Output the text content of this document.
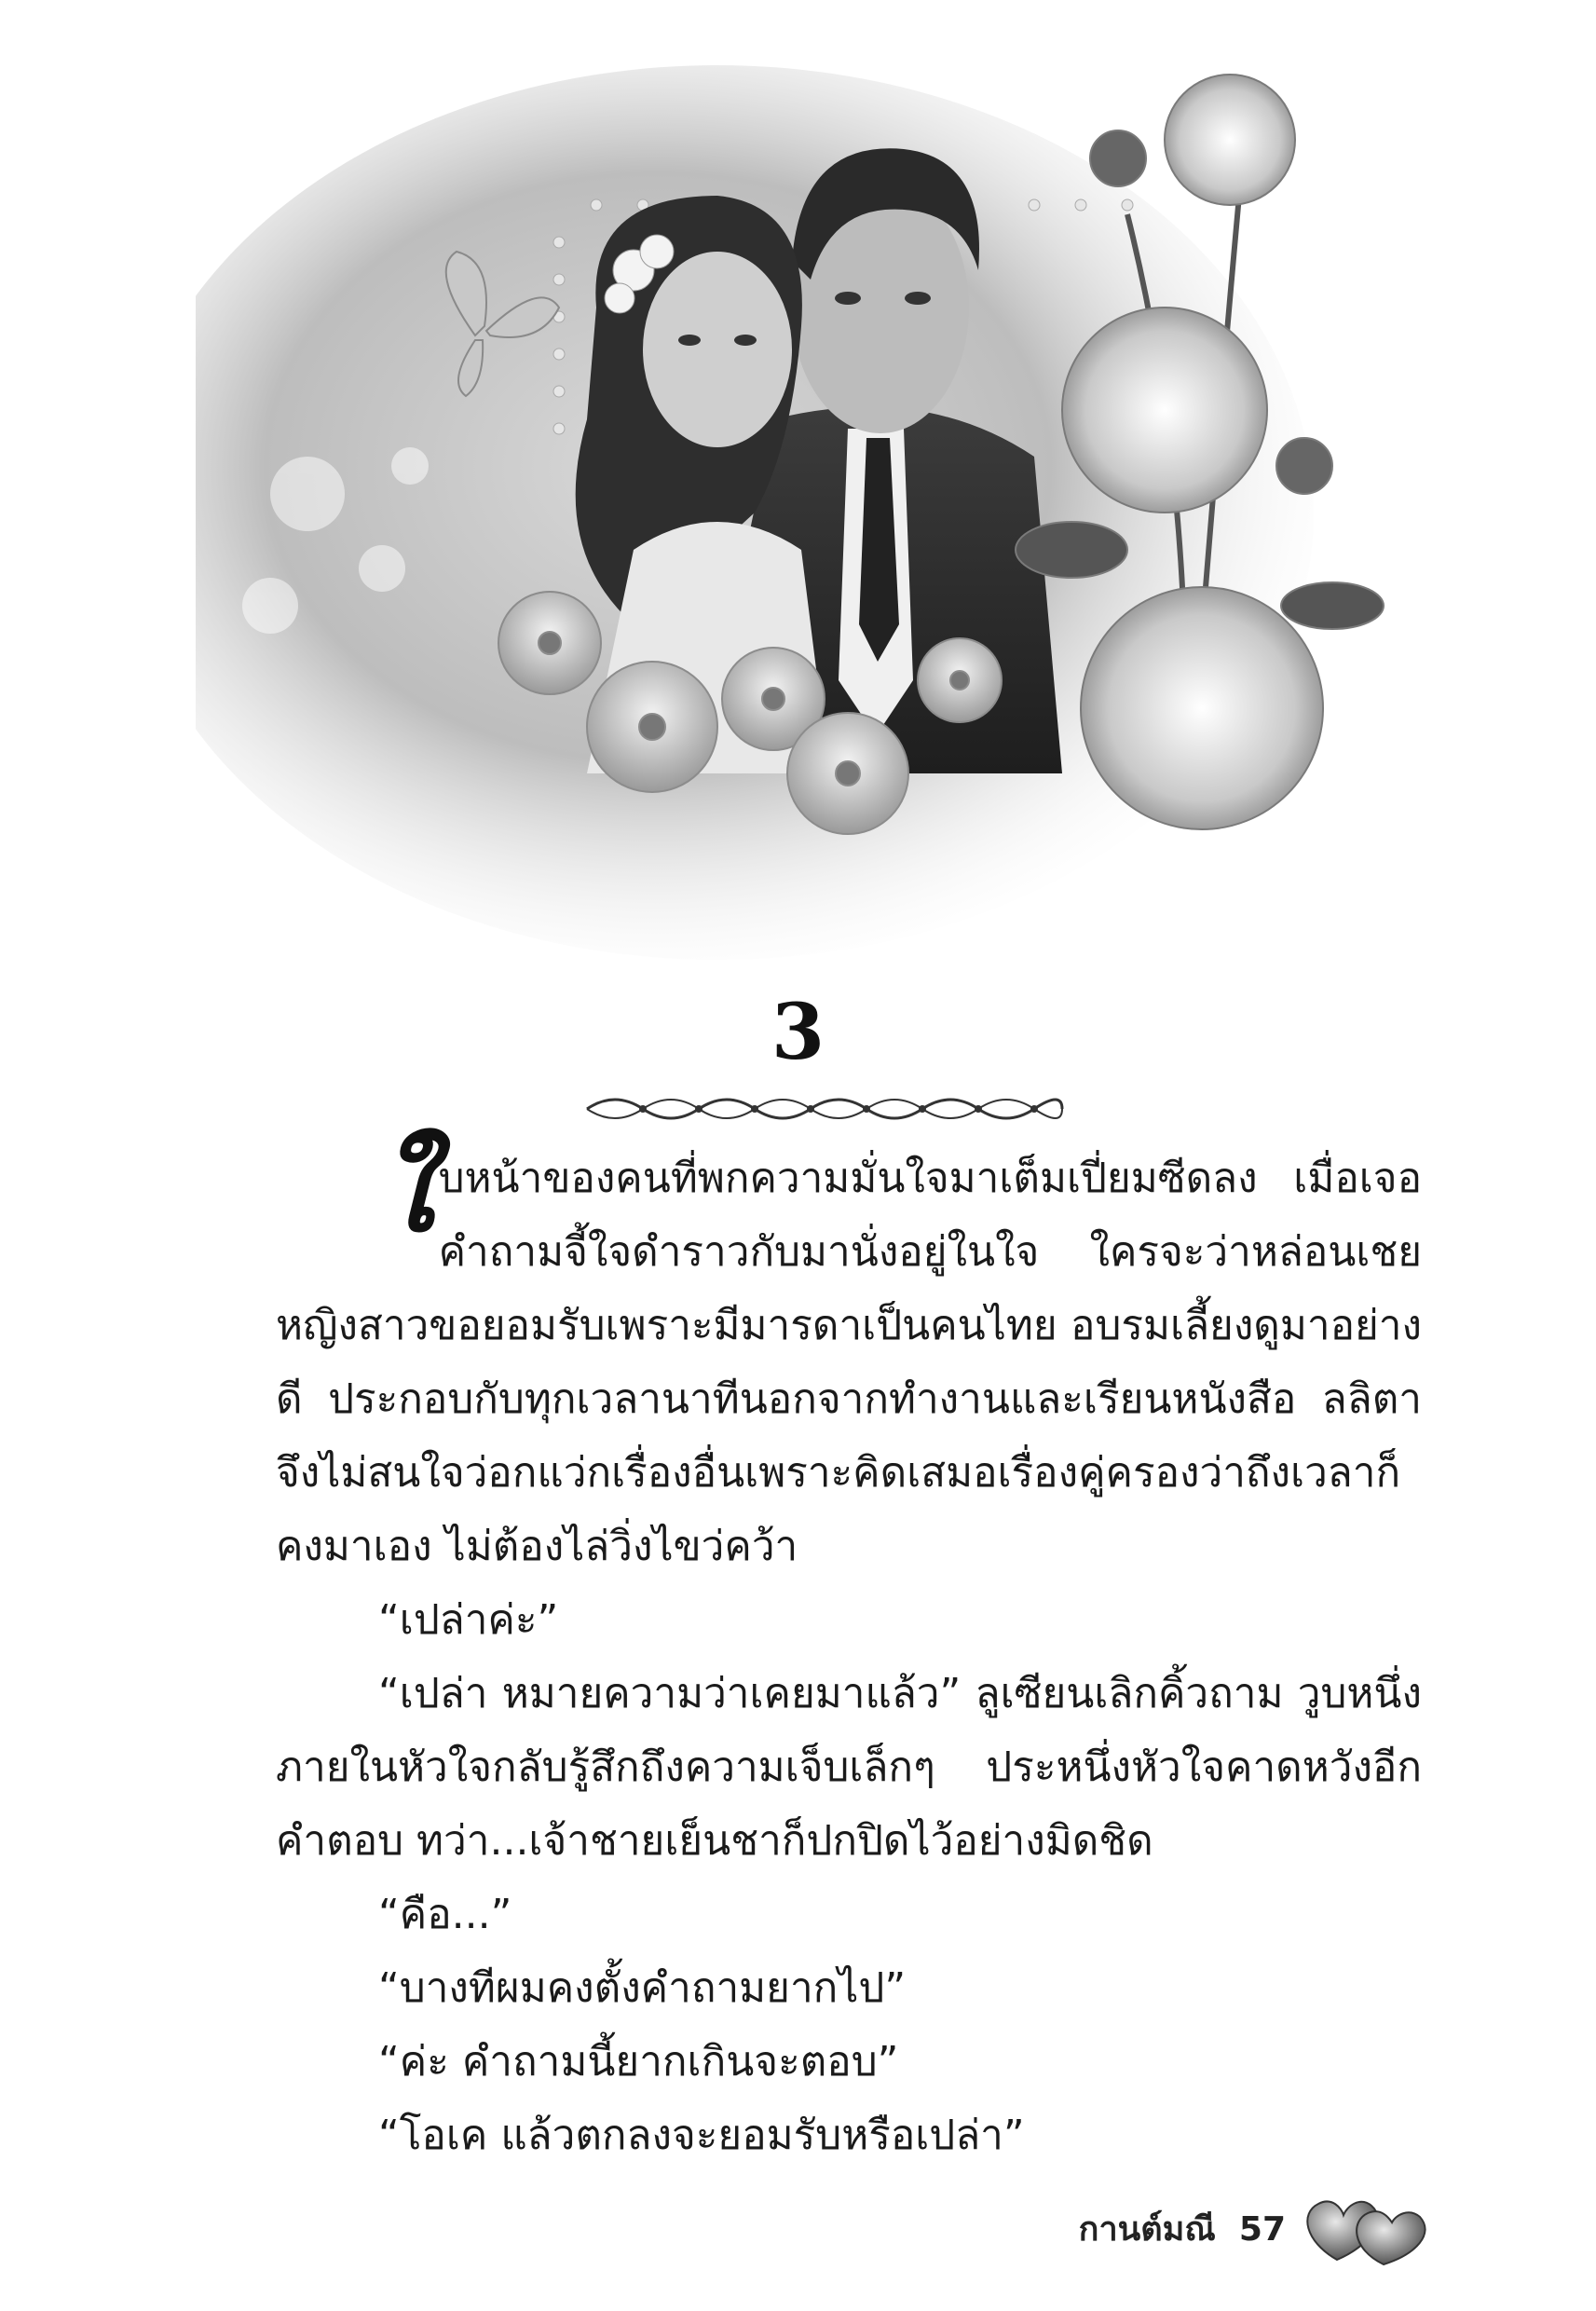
3

ใบหน้าของคนที่พกความมั่นใจมาเต็มเปี่ยมซีดลง เมื่อเจอคำถามจี้ใจดำราวกับมานั่งอยู่ในใจ ใครจะว่าหล่อนเชย หญิงสาวขอยอมรับเพราะมีมารดาเป็นคนไทย อบรมเลี้ยงดูมาอย่างดี ประกอบกับทุกเวลานาทีนอกจากทำงานและเรียนหนังสือ ลลิตาจึงไม่สนใจว่อกแว่กเรื่องอื่นเพราะคิดเสมอเรื่องคู่ครองว่าถึงเวลาก็คงมาเอง ไม่ต้องไล่วิ่งไขว่คว้า

“เปล่าค่ะ”

“เปล่า หมายความว่าเคยมาแล้ว” ลูเซียนเลิกคิ้วถาม วูบหนึ่งภายในหัวใจกลับรู้สึกถึงความเจ็บเล็กๆ ประหนึ่งหัวใจคาดหวังอีกคำตอบ ทว่า...เจ้าชายเย็นชาก็ปกปิดไว้อย่างมิดชิด

“คือ...”

“บางทีผมคงตั้งคำถามยากไป”

“ค่ะ คำถามนี้ยากเกินจะตอบ”

“โอเค แล้วตกลงจะยอมรับหรือเปล่า”

กานต์มณี 57
